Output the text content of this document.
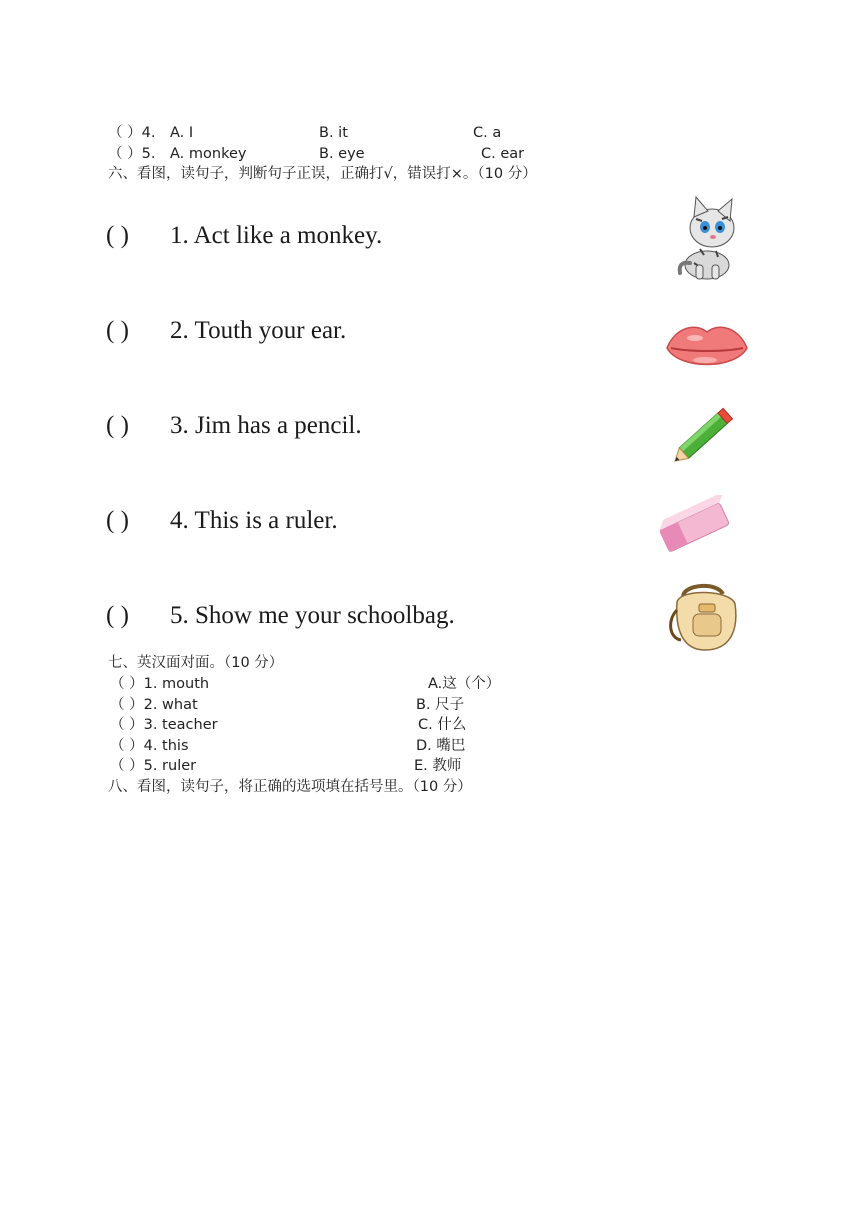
（ ）4. A. I	B. it	C. a
（ ）5. A. monkey	B. eye	C. ear
六、看图，读句子，判断句子正误，正确打√，错误打×。（10 分）
( ) 1. Act like a monkey.
( ) 2. Touth your ear.
( ) 3. Jim has a pencil.
( ) 4. This is a ruler.
( ) 5. Show me your schoolbag.
七、英汉面对面。（10 分）
（ ）1. mouth	A.这（个）
（ ）2. what	B. 尺子
（ ）3. teacher	C. 什么
（ ）4. this	D. 嘴巴
（ ）5. ruler	E. 教师
八、看图，读句子，将正确的选项填在括号里。（10 分）
